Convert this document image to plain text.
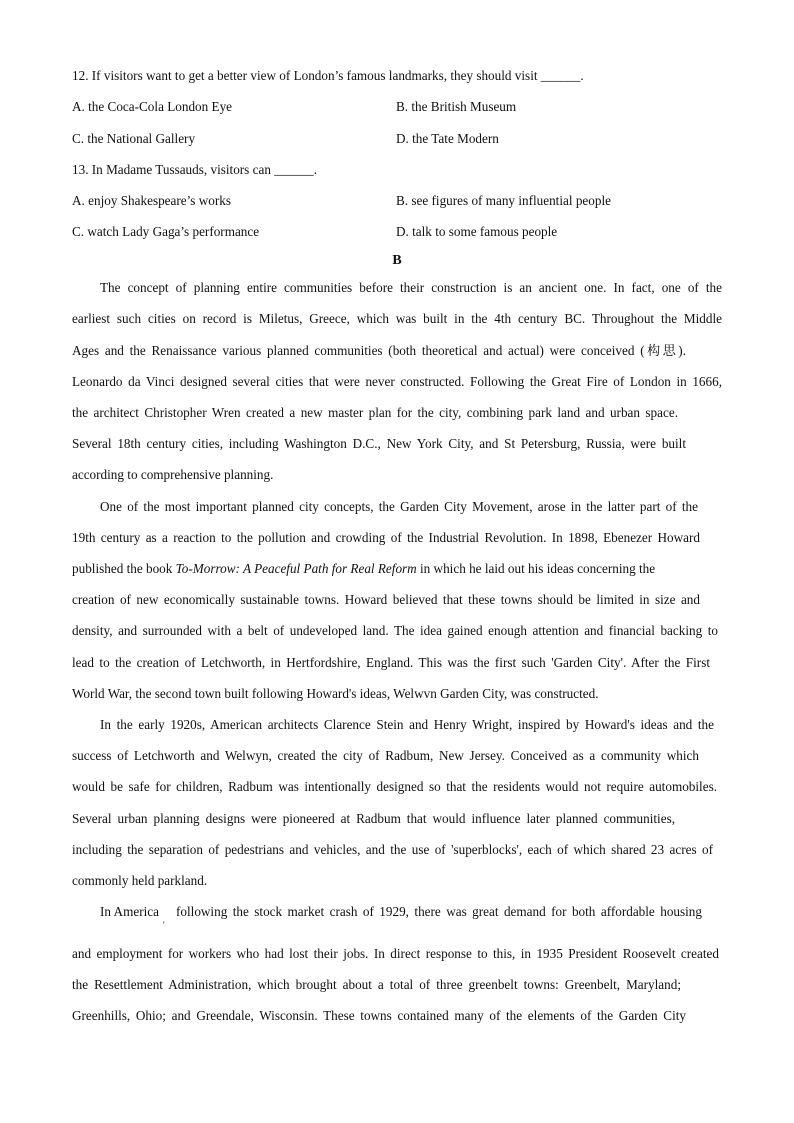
12. If visitors want to get a better view of London’s famous landmarks, they should visit ______.
A. the Coca-Cola London Eye	B. the British Museum
C. the National Gallery	D. the Tate Modern
13. In Madame Tussauds, visitors can ______.
A. enjoy Shakespeare’s works	B. see figures of many influential people
C. watch Lady Gaga’s performance	D. talk to some famous people
B
The concept of planning entire communities before their construction is an ancient one. In fact, one of the
earliest such cities on record is Miletus, Greece, which was built in the 4th century BC. Throughout the Middle
Ages and the Renaissance various planned communities (both theoretical and actual) were conceived (构思).
Leonardo da Vinci designed several cities that were never constructed. Following the Great Fire of London in 1666,
the architect Christopher Wren created a new master plan for the city, combining park land and urban space.
Several 18th century cities, including Washington D.C., New York City, and St Petersburg, Russia, were built
according to comprehensive planning.
One of the most important planned city concepts, the Garden City Movement, arose in the latter part of the
19th century as a reaction to the pollution and crowding of the Industrial Revolution. In 1898, Ebenezer Howard
published the book To-Morrow: A Peaceful Path for Real Reform in which he laid out his ideas concerning the
creation of new economically sustainable towns. Howard believed that these towns should be limited in size and
density, and surrounded with a belt of undeveloped land. The idea gained enough attention and financial backing to
lead to the creation of Letchworth, in Hertfordshire, England. This was the first such 'Garden City'. After the First
World War, the second town built following Howard's ideas, Welwvn Garden City, was constructed.
In the early 1920s, American architects Clarence Stein and Henry Wright, inspired by Howard's ideas and the
success of Letchworth and Welwyn, created the city of Radbum, New Jersey. Conceived as a community which
would be safe for children, Radbum was intentionally designed so that the residents would not require automobiles.
Several urban planning designs were pioneered at Radbum that would influence later planned communities,
including the separation of pedestrians and vehicles, and the use of 'superblocks', each of which shared 23 acres of
commonly held parkland.
In America
'
following the stock market crash of 1929, there was great demand for both affordable housing
and employment for workers who had lost their jobs. In direct response to this, in 1935 President Roosevelt created
the Resettlement Administration, which brought about a total of three greenbelt towns: Greenbelt, Maryland;
Greenhills, Ohio; and Greendale, Wisconsin. These towns contained many of the elements of the Garden City
